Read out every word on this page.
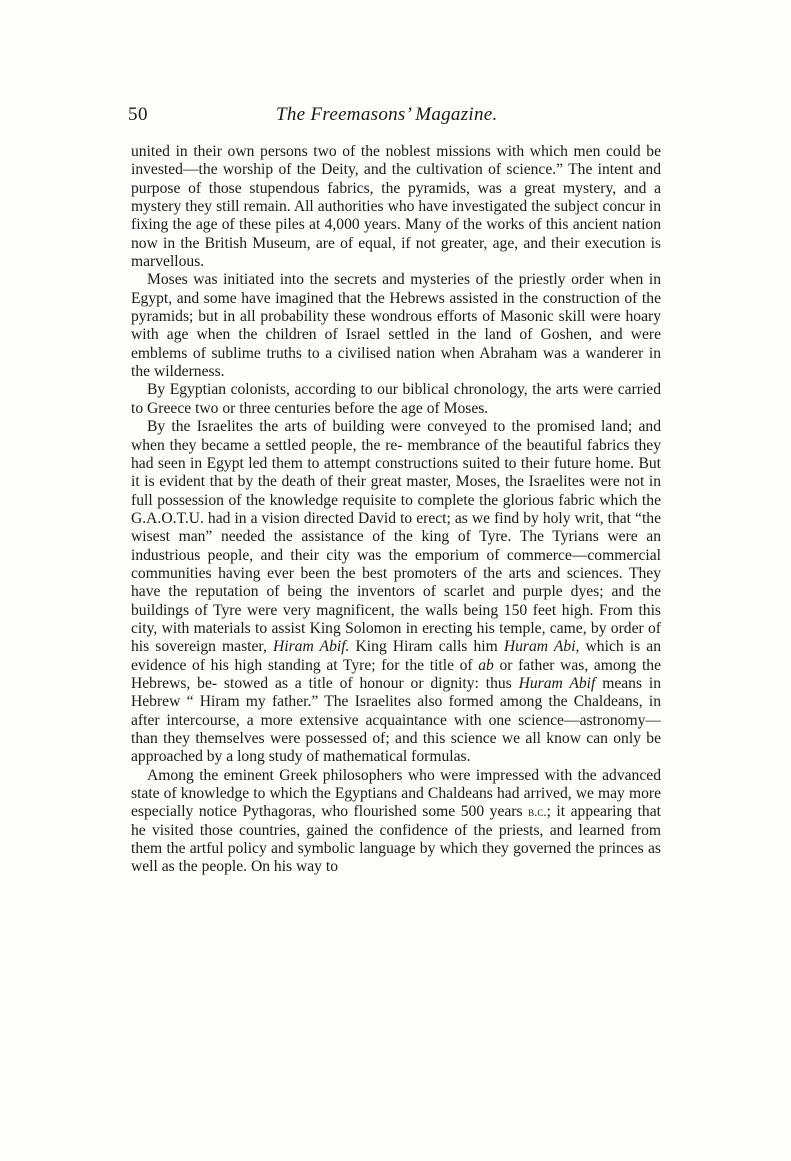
50	The Freemasons’ Magazine.

united in their own persons two of the noblest missions with which men could be invested—the worship of the Deity, and the cultivation of science.” The intent and purpose of those stupendous fabrics, the pyramids, was a great mystery, and a mystery they still remain. All authorities who have investigated the subject concur in fixing the age of these piles at 4,000 years. Many of the works of this ancient nation now in the British Museum, are of equal, if not greater, age, and their execution is marvellous.

Moses was initiated into the secrets and mysteries of the priestly order when in Egypt, and some have imagined that the Hebrews assisted in the construction of the pyramids; but in all probability these wondrous efforts of Masonic skill were hoary with age when the children of Israel settled in the land of Goshen, and were emblems of sublime truths to a civilised nation when Abraham was a wanderer in the wilderness.

By Egyptian colonists, according to our biblical chronology, the arts were carried to Greece two or three centuries before the age of Moses.

By the Israelites the arts of building were conveyed to the promised land; and when they became a settled people, the re- membrance of the beautiful fabrics they had seen in Egypt led them to attempt constructions suited to their future home. But it is evident that by the death of their great master, Moses, the Israelites were not in full possession of the knowledge requisite to complete the glorious fabric which the G.A.O.T.U. had in a vision directed David to erect; as we find by holy writ, that “the wisest man” needed the assistance of the king of Tyre. The Tyrians were an industrious people, and their city was the emporium of commerce—commercial communities having ever been the best promoters of the arts and sciences. They have the reputation of being the inventors of scarlet and purple dyes; and the buildings of Tyre were very magnificent, the walls being 150 feet high. From this city, with materials to assist King Solomon in erecting his temple, came, by order of his sovereign master, Hiram Abif. King Hiram calls him Huram Abi, which is an evidence of his high standing at Tyre; for the title of ab or father was, among the Hebrews, be- stowed as a title of honour or dignity: thus Huram Abif means in Hebrew “ Hiram my father.” The Israelites also formed among the Chaldeans, in after intercourse, a more extensive acquaintance with one science—astronomy—than they themselves were possessed of; and this science we all know can only be approached by a long study of mathematical formulas.

Among the eminent Greek philosophers who were impressed with the advanced state of knowledge to which the Egyptians and Chaldeans had arrived, we may more especially notice Pythagoras, who flourished some 500 years b.c.; it appearing that he visited those countries, gained the confidence of the priests, and learned from them the artful policy and symbolic language by which they governed the princes as well as the people. On his way to
